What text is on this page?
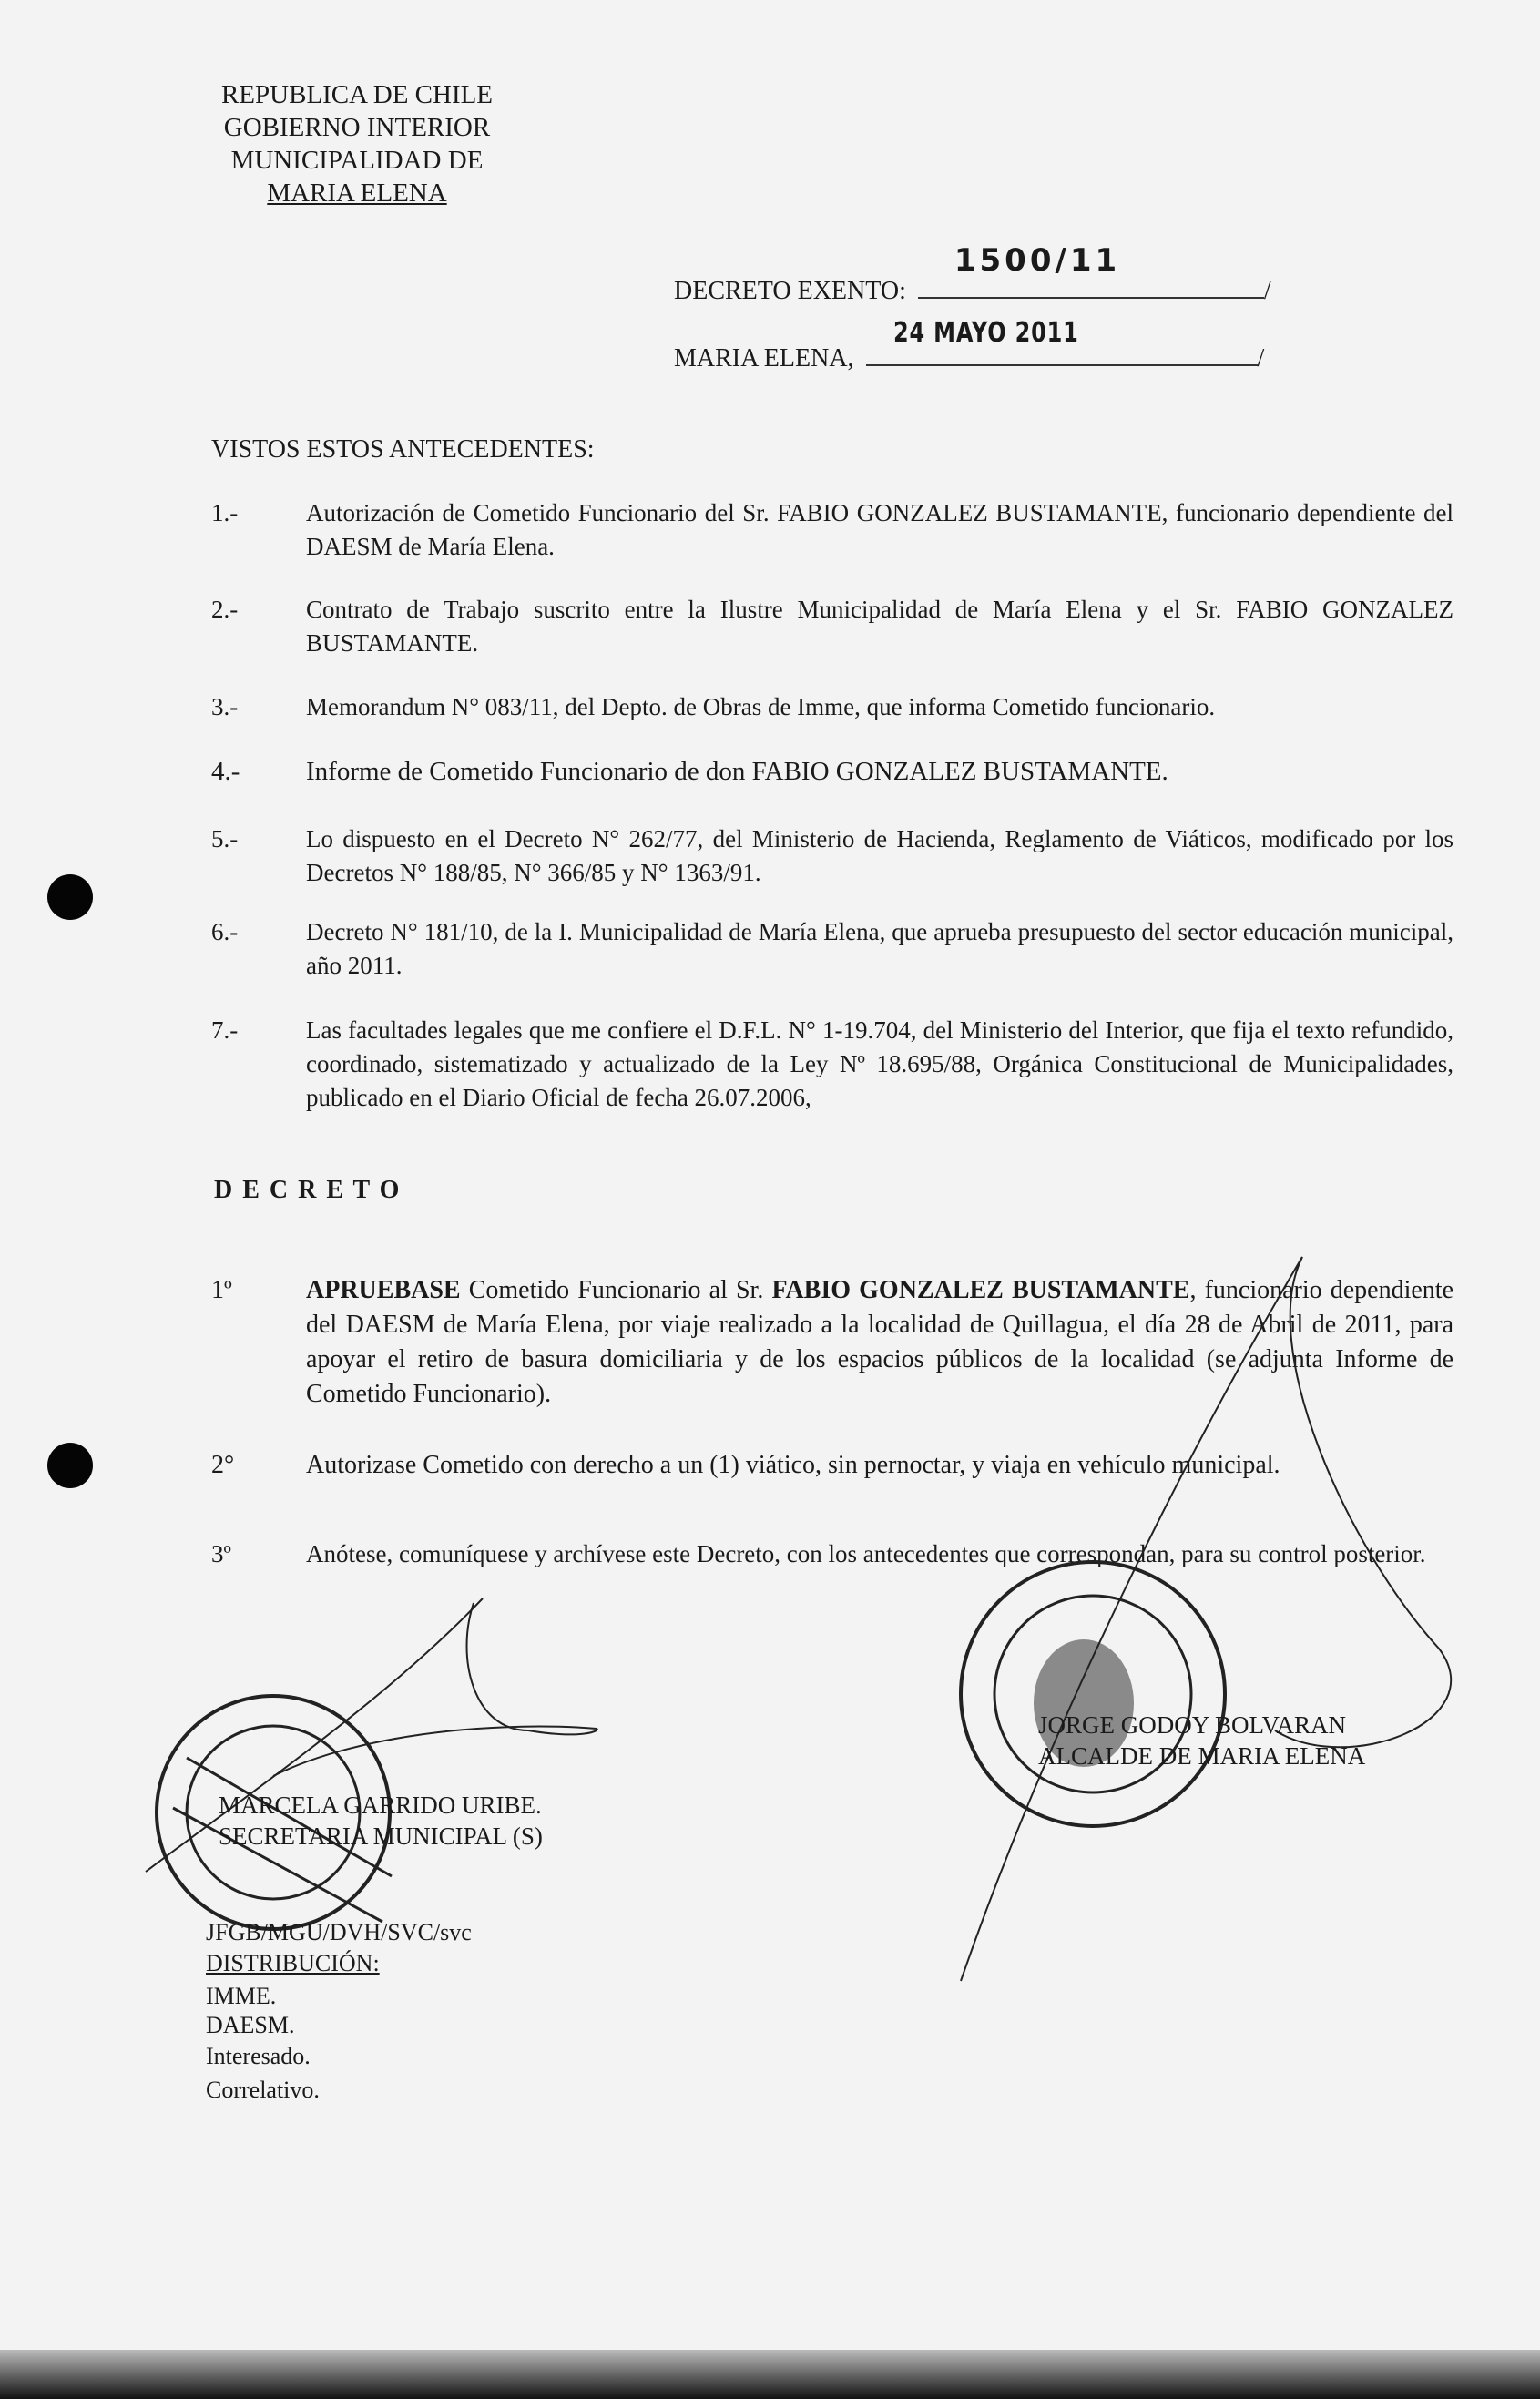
REPUBLICA DE CHILE
GOBIERNO INTERIOR
MUNICIPALIDAD DE
MARIA ELENA
DECRETO EXENTO:
1500/11
/
MARIA ELENA,
24 MAYO 2011
/
VISTOS ESTOS ANTECEDENTES:
1.-	Autorización de Cometido Funcionario del Sr. FABIO GONZALEZ BUSTAMANTE, funcionario dependiente del DAESM de María Elena.
2.-	Contrato de Trabajo suscrito entre la Ilustre Municipalidad de María Elena y el Sr. FABIO GONZALEZ BUSTAMANTE.
3.-	Memorandum N° 083/11, del Depto. de Obras de Imme, que informa Cometido funcionario.
4.-	Informe de Cometido Funcionario de don FABIO GONZALEZ BUSTAMANTE.
5.-	Lo dispuesto en el Decreto N° 262/77, del Ministerio de Hacienda, Reglamento de Viáticos, modificado por los Decretos N° 188/85, N° 366/85 y N° 1363/91.
6.-	Decreto N° 181/10, de la I. Municipalidad de María Elena, que aprueba presupuesto del sector educación municipal, año 2011.
7.-	Las facultades legales que me confiere el D.F.L. N° 1-19.704, del Ministerio del Interior, que fija el texto refundido, coordinado, sistematizado y actualizado de la Ley Nº 18.695/88, Orgánica Constitucional de Municipalidades, publicado en el Diario Oficial de fecha 26.07.2006,
D E C R E T O
1º	APRUEBASE Cometido Funcionario al Sr. FABIO GONZALEZ BUSTAMANTE, funcionario dependiente del DAESM de María Elena, por viaje realizado a la localidad de Quillagua, el día 28 de Abril de 2011, para apoyar el retiro de basura domiciliaria y de los espacios públicos de la localidad (se adjunta Informe de Cometido Funcionario).
2°	Autorizase Cometido con derecho a un (1) viático, sin pernoctar, y viaja en vehículo municipal.
3º	Anótese, comuníquese y archívese este Decreto, con los antecedentes que correspondan, para su control posterior.
MARCELA GARRIDO URIBE.
SECRETARIA MUNICIPAL (S)
JORGE GODOY BOLVARAN
ALCALDE DE MARIA ELENA
JFGB/MGU/DVH/SVC/svc
DISTRIBUCIÓN:
IMME.
DAESM.
Interesado.
Correlativo.
